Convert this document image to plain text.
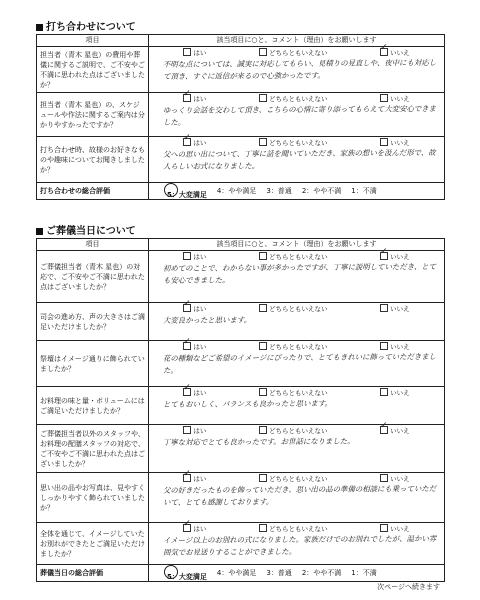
打ち合わせについて
項目	該当項目に○と、コメント（理由）をお願いします
担当者（青木 星也）の費用や葬儀に関するご説明で、ご不安やご不満に思われた点はございましたか？	はい どちらともいえない ✓ いいえ
不明な点については、誠実に対応してもらい、見積りの見直しや、夜中にも対応して頂き、すぐに返信が来るので心強かったです。

担当者（青木 星也）の、スケジュールや作法に関するご案内は分かりやすかったですか？	
✓はい どちらともいえない いいえ
ゆっくり会話を交わして頂き、こちらの心情に寄り添ってもらえて大変安心できました。

打ち合わせ時、故様のお好きなものや趣味についてお聞きしましたか？	
✓はい どちらともいえない いいえ
父への思い出について、丁寧に話を聞いていただき、家族の想いを汲んだ形で、故人らしいお式になりました。

打ち合わせの総合評価	5：大変満足 4：やや満足 3：普通 2：やや不満 1：不満
ご葬儀当日について
項目	該当項目に○と、コメント（理由）をお願いします
ご葬儀担当者（青木 星也）の対応で、ご不安やご不満に思われた点はございましたか？	はい どちらともいえない ✓ いいえ
初めてのことで、わからない事が多かったですが、丁寧に説明していただき、とても安心できました。

司会の進め方、声の大きさはご満足いただけましたか？	
✓はい どちらともいえない いいえ
大変良かったと思います。

祭壇はイメージ通りに飾られていましたか？	
✓はい どちらともいえない いいえ
花の種類などご希望のイメージにぴったりで、とてもきれいに飾っていただきました。

お料理の味と量・ボリュームにはご満足いただけましたか？	
✓はい どちらともいえない いいえ
とてもおいしく、バランスも良かったと思います。

ご葬儀担当者以外のスタッフや、お料理の配膳スタッフの対応で、ご不安やご不満に思われた点はございましたか？	はい どちらともいえない ✓ いいえ
丁寧な対応でとても良かったです。お世話になりました。

思い出の品やお写真は、見やすくしっかりやすく飾られていましたか？	
✓はい どちらともいえない いいえ
父の好きだったものを飾っていただき、思い出の品の準備の相談にも乗っていただいて、とても感謝しております。

全体を通じて、イメージしていたお別れができたとご満足いただけましたか？	
✓はい どちらともいえない いいえ
イメージ以上のお別れの式になりました。家族だけでのお別れでしたが、温かい雰囲気でお見送りすることができました。

葬儀当日の総合評価	5：大変満足 4：やや満足 3：普通 2：やや不満 1：不満
次ページへ続きます
